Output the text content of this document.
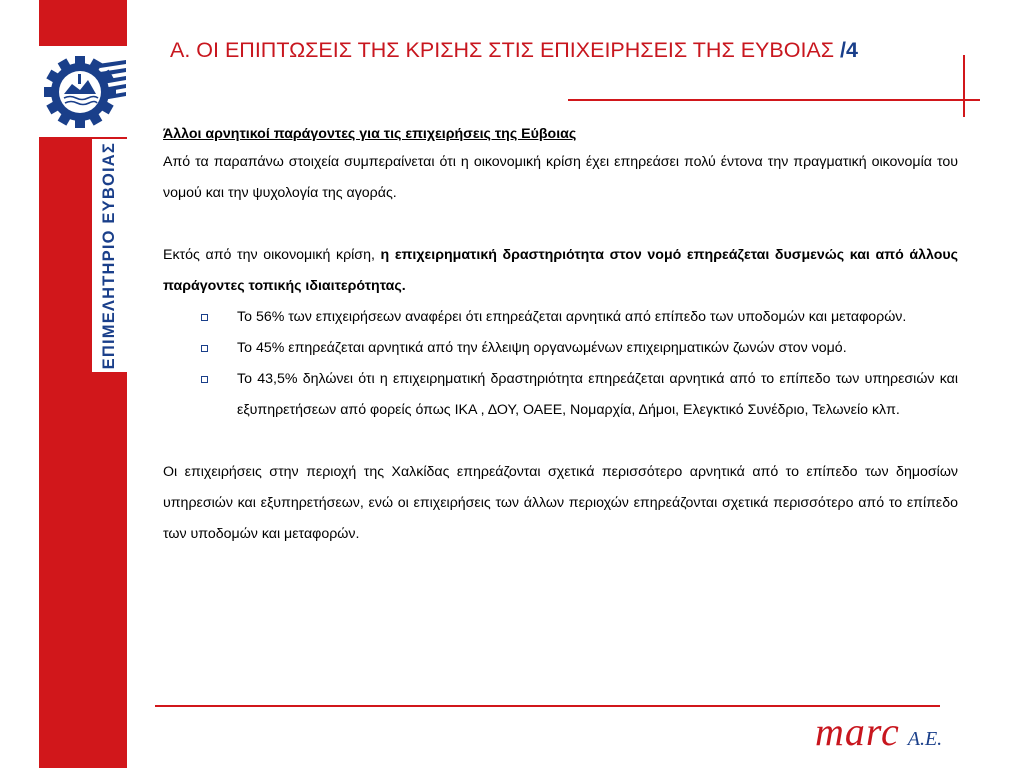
ΕΠΙΜΕΛΗΤΗΡΙΟ ΕΥΒΟΙΑΣ
Α. ΟΙ ΕΠΙΠΤΩΣΕΙΣ ΤΗΣ ΚΡΙΣΗΣ ΣΤΙΣ ΕΠΙΧΕΙΡΗΣΕΙΣ ΤΗΣ ΕΥΒΟΙΑΣ /4

Άλλοι αρνητικοί παράγοντες για τις επιχειρήσεις της Εύβοιας

Από τα παραπάνω στοιχεία συμπεραίνεται ότι η οικονομική κρίση έχει επηρεάσει πολύ έντονα την πραγματική οικονομία του νομού και την ψυχολογία της αγοράς.

Εκτός από την οικονομική κρίση, η επιχειρηματική δραστηριότητα στον νομό επηρεάζεται δυσμενώς και από άλλους παράγοντες τοπικής ιδιαιτερότητας.

Το 56% των επιχειρήσεων αναφέρει ότι επηρεάζεται αρνητικά από επίπεδο των υποδομών και μεταφορών.
Το 45% επηρεάζεται αρνητικά από την έλλειψη οργανωμένων επιχειρηματικών ζωνών στον νομό.
Το 43,5% δηλώνει ότι η επιχειρηματική δραστηριότητα επηρεάζεται αρνητικά από το επίπεδο των υπηρεσιών και εξυπηρετήσεων από φορείς όπως ΙΚΑ , ΔΟΥ, ΟΑΕΕ, Νομαρχία, Δήμοι, Ελεγκτικό Συνέδριο, Τελωνείο κλπ.

Οι επιχειρήσεις στην περιοχή της Χαλκίδας επηρεάζονται σχετικά περισσότερο αρνητικά από το επίπεδο των δημοσίων υπηρεσιών και εξυπηρετήσεων, ενώ οι επιχειρήσεις των άλλων περιοχών επηρεάζονται σχετικά περισσότερο από το επίπεδο των υποδομών και μεταφορών.

marc Α.Ε.
